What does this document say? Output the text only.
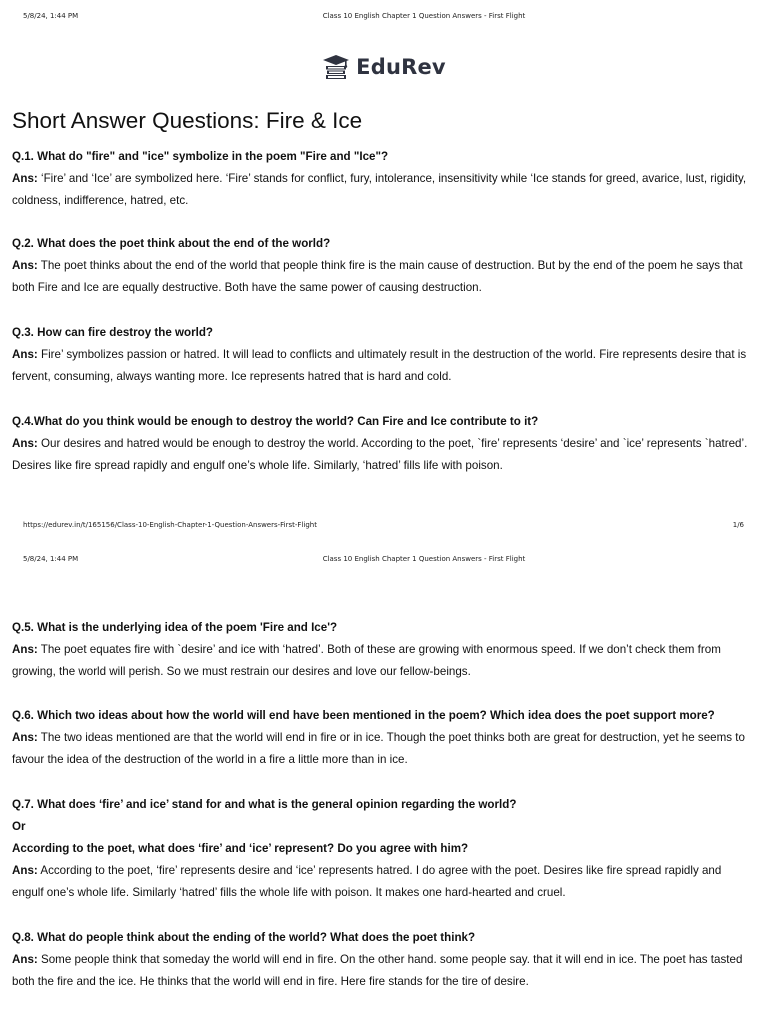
5/8/24, 1:44 PM	Class 10 English Chapter 1 Question Answers - First Flight
EduRev
Short Answer Questions: Fire & Ice

Q.1. What do "fire" and "ice" symbolize in the poem "Fire and "Ice"?

Ans: ‘Fire’ and ‘Ice’ are symbolized here. ‘Fire’ stands for conflict, fury, intolerance, insensitivity while ‘Ice stands for greed, avarice, lust, rigidity, coldness, indifference, hatred, etc.

Q.2. What does the poet think about the end of the world?

Ans: The poet thinks about the end of the world that people think fire is the main cause of destruction. But by the end of the poem he says that both Fire and Ice are equally destructive. Both have the same power of causing destruction.

Q.3. How can fire destroy the world?

Ans: Fire’ symbolizes passion or hatred. It will lead to conflicts and ultimately result in the destruction of the world. Fire represents desire that is fervent, consuming, always wanting more. Ice represents hatred that is hard and cold.

Q.4.What do you think would be enough to destroy the world? Can Fire and Ice contribute to it?

Ans: Our desires and hatred would be enough to destroy the world. According to the poet, `fire’ represents ‘desire’ and `ice’ represents `hatred’. Desires like fire spread rapidly and engulf one’s whole life. Similarly, ‘hatred’ fills life with poison.

https://edurev.in/t/165156/Class-10-English-Chapter-1-Question-Answers-First-Flight	1/6
5/8/24, 1:44 PM	Class 10 English Chapter 1 Question Answers - First Flight

Q.5. What is the underlying idea of the poem 'Fire and Ice'?

Ans: The poet equates fire with `desire’ and ice with ‘hatred’. Both of these are growing with enormous speed. If we don’t check them from growing, the world will perish. So we must restrain our desires and love our fellow-beings.

Q.6. Which two ideas about how the world will end have been mentioned in the poem? Which idea does the poet support more?

Ans: The two ideas mentioned are that the world will end in fire or in ice. Though the poet thinks both are great for destruction, yet he seems to favour the idea of the destruction of the world in a fire a little more than in ice.

Q.7. What does ‘fire’ and ice’ stand for and what is the general opinion regarding the world?

Or

According to the poet, what does ‘fire’ and ‘ice’ represent? Do you agree with him?

Ans: According to the poet, ‘fire’ represents desire and ‘ice’ represents hatred. I do agree with the poet. Desires like fire spread rapidly and engulf one’s whole life. Similarly ‘hatred’ fills the whole life with poison. It makes one hard-hearted and cruel.

Q.8. What do people think about the ending of the world? What does the poet think?

Ans: Some people think that someday the world will end in fire. On the other hand. some people say. that it will end in ice. The poet has tasted both the fire and the ice. He thinks that the world will end in fire. Here fire stands for the tire of desire.
